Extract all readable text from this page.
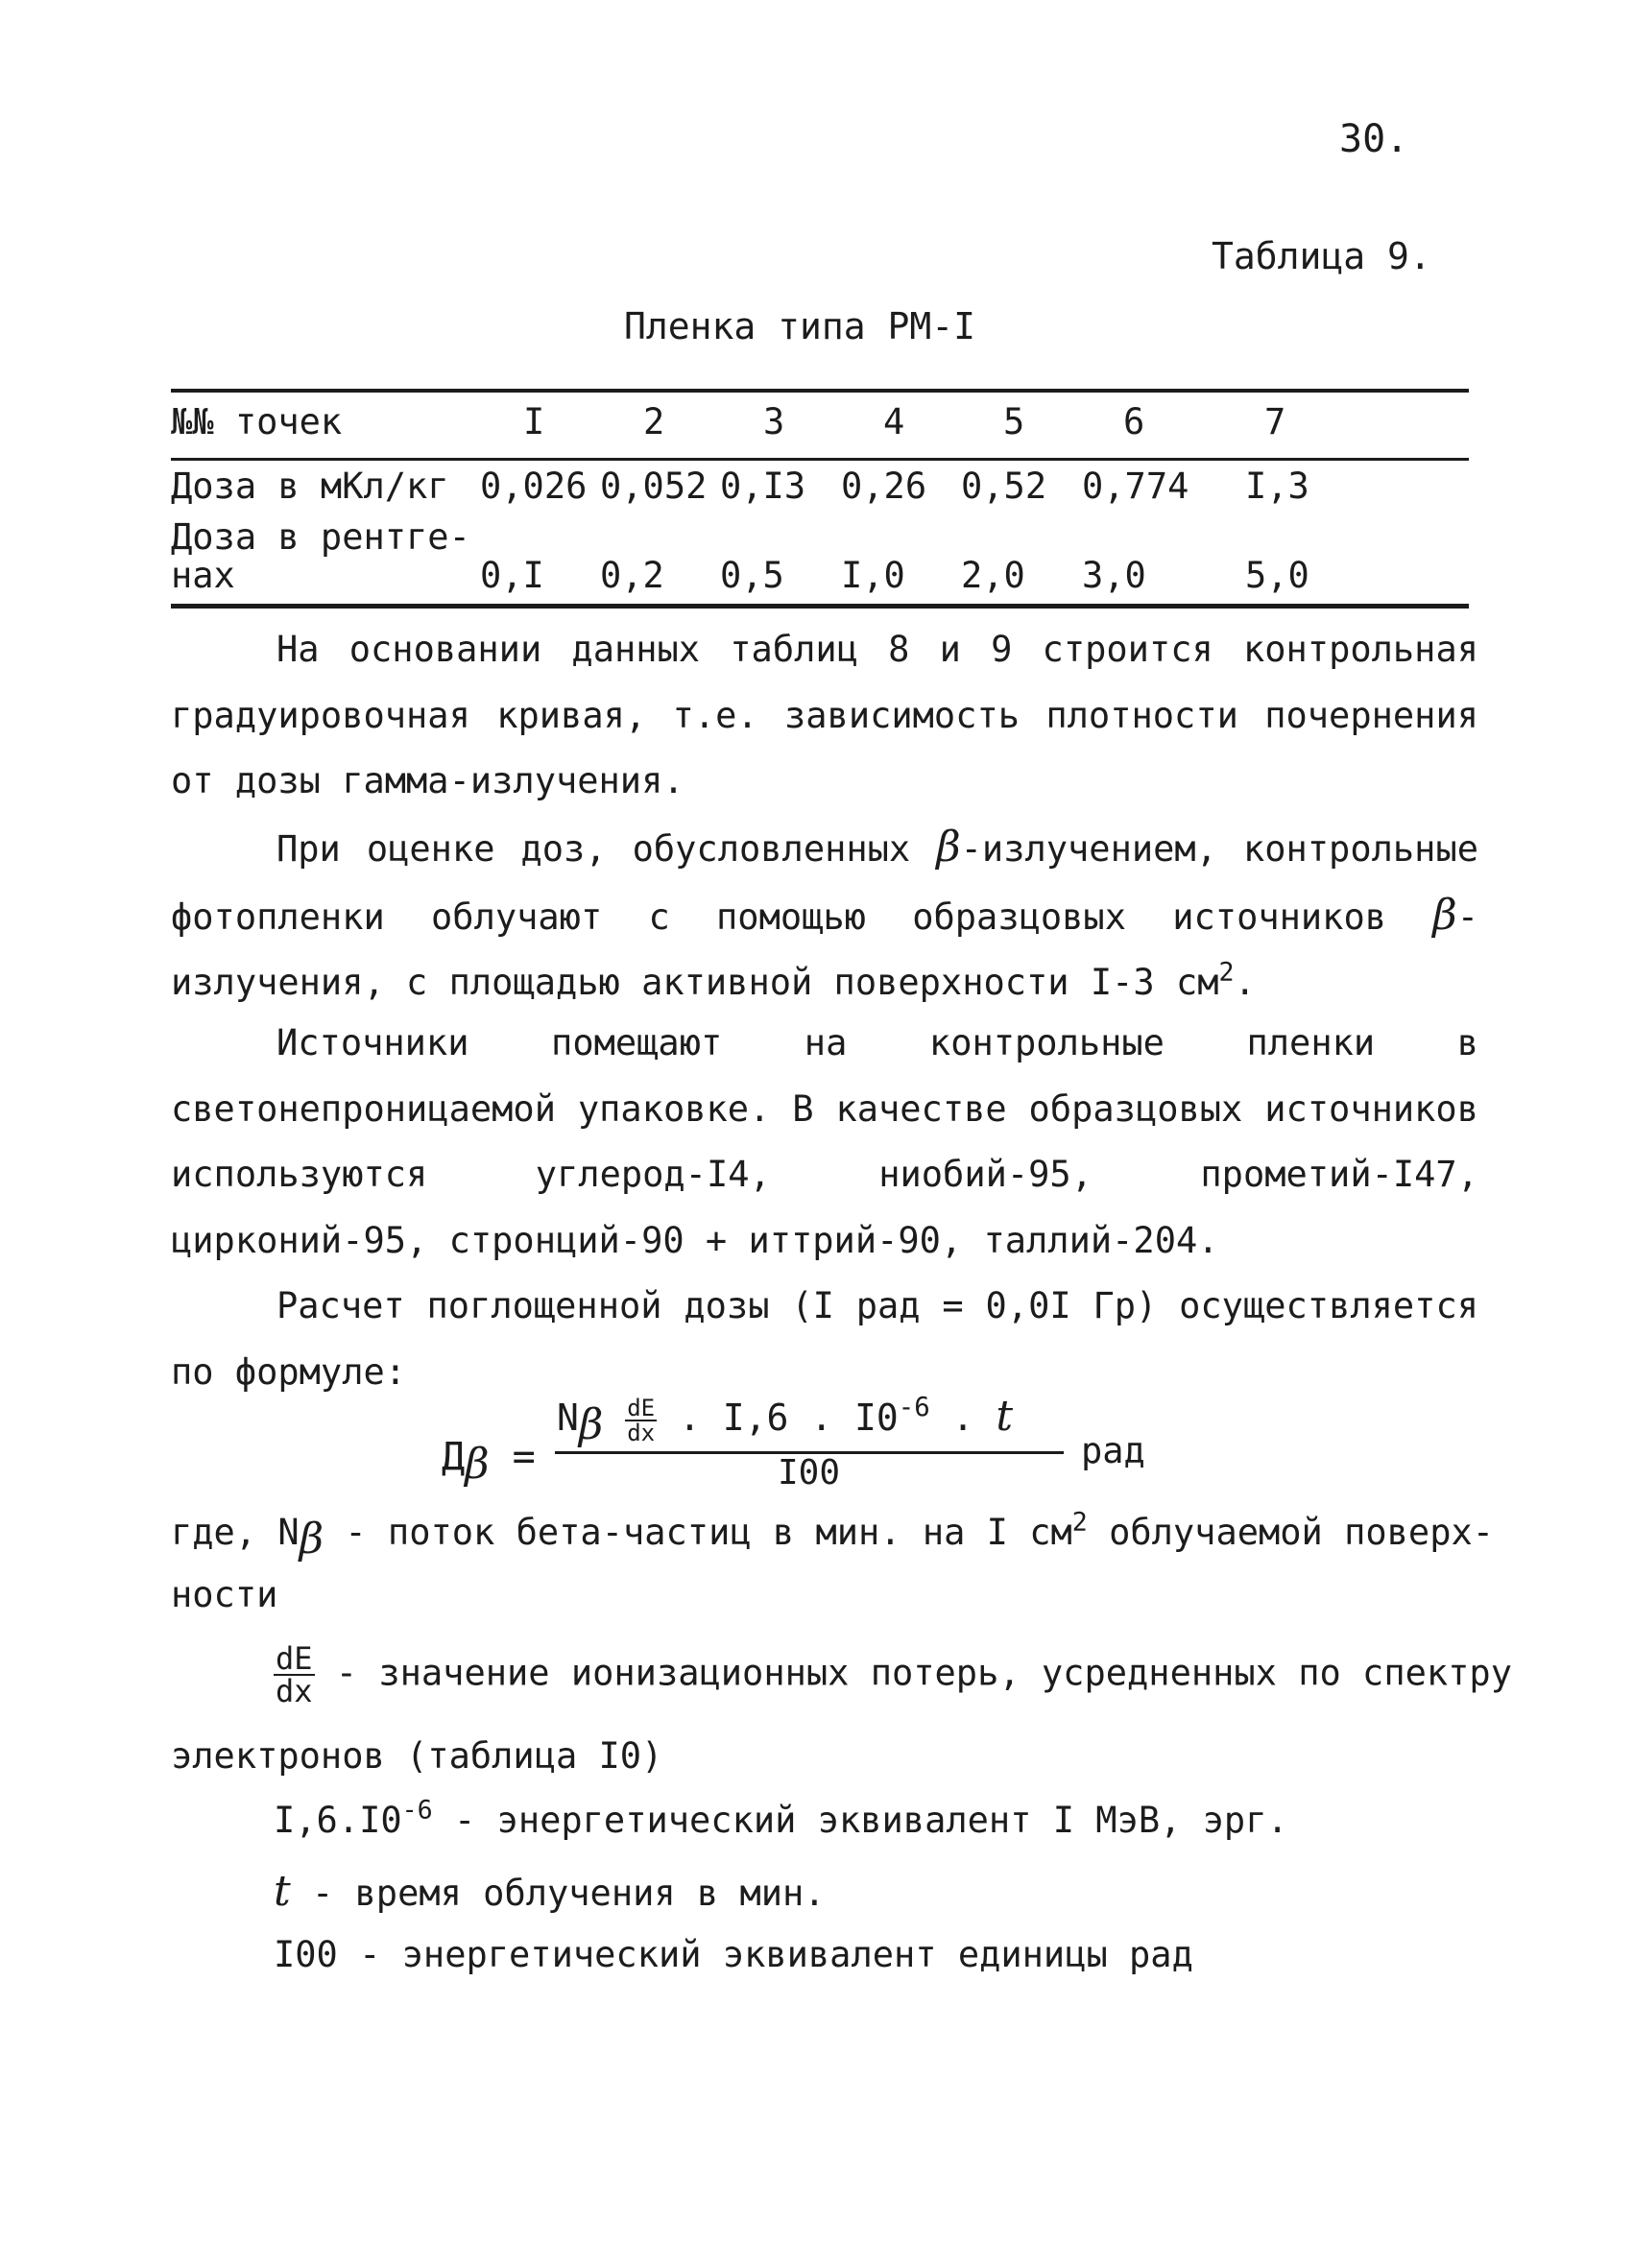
30.
Таблица 9.
Пленка типа РМ-I
№№ точек	I	2	3	4	5	6	7
Доза в мКл/кг 0,026 0,052 0,I3 0,26 0,52 0,774 I,3
Доза в рентге-
нах	0,I 0,2 0,5 I,0 2,0 3,0	5,0
На основании данных таблиц 8 и 9 строится контрольная градуировочная кривая, т.е. зависимость плотности почернения от дозы гамма-излучения.
При оценке доз, обусловленных β-излучением, контрольные фотопленки облучают с помощью образцовых источников β-излучения, с площадью активной поверхности I-3 $см^2$.
Источники помещают на контрольные пленки в светонепроницаемой упаковке. В качестве образцовых источников используются углерод-I4, ниобий-95, прометий-I47, цирконий-95, стронций-90 + иттрий-90, таллий-204.
Расчет поглощенной дозы (I рад = 0,0I Гр) осуществляется по формуле:
$Д_\beta$ =
$N_\beta \frac{dE}{dx}$ . I,6 . $I0^{-6}$ . t
I00
рад
где, $N_\beta$ - поток бета-частиц в мин. на I $см^2$ облучаемой поверх-
ности
$\frac{dE}{dx}$ - значение ионизационных потерь, усредненных по спектру
электронов (таблица I0)
$I,6.I0^{-6}$ - энергетический эквивалент I МэВ, эрг.
t - время облучения в мин.
I00 - энергетический эквивалент единицы рад
